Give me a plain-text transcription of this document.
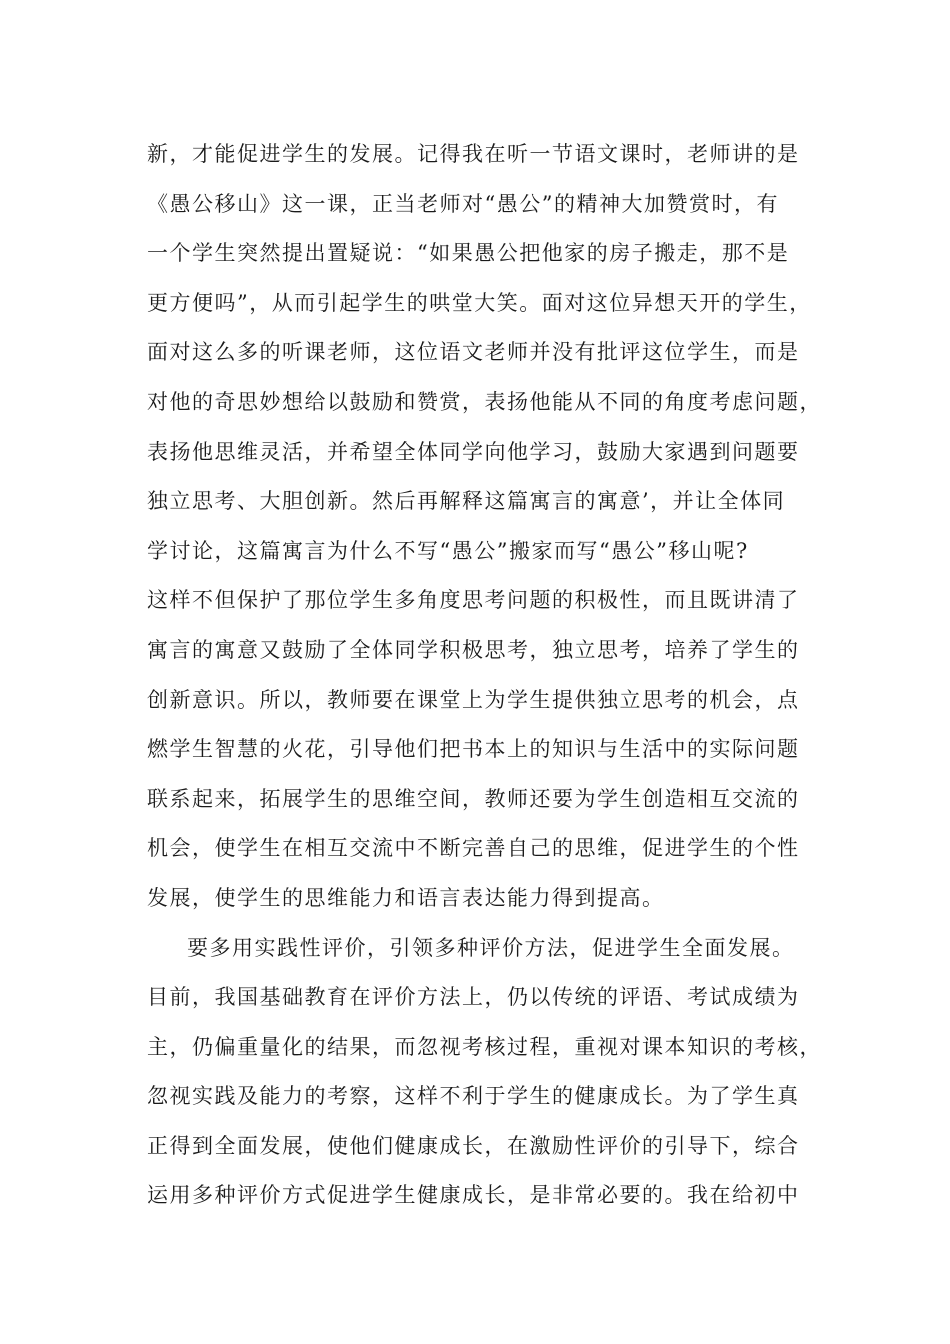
新，才能促进学生的发展。记得我在听一节语文课时，老师讲的是
《愚公移山》这一课，正当老师对“愚公”的精神大加赞赏时，有
一个学生突然提出置疑说：“如果愚公把他家的房子搬走，那不是
更方便吗”，从而引起学生的哄堂大笑。面对这位异想天开的学生，
面对这么多的听课老师，这位语文老师并没有批评这位学生，而是
对他的奇思妙想给以鼓励和赞赏，表扬他能从不同的角度考虑问题，
表扬他思维灵活，并希望全体同学向他学习，鼓励大家遇到问题要
独立思考、大胆创新。然后再解释这篇寓言的寓意’，并让全体同
学讨论，这篇寓言为什么不写“愚公”搬家而写“愚公”移山呢?
这样不但保护了那位学生多角度思考问题的积极性，而且既讲清了
寓言的寓意又鼓励了全体同学积极思考，独立思考，培养了学生的
创新意识。所以，教师要在课堂上为学生提供独立思考的机会，点
燃学生智慧的火花，引导他们把书本上的知识与生活中的实际问题
联系起来，拓展学生的思维空间，教师还要为学生创造相互交流的
机会，使学生在相互交流中不断完善自己的思维，促进学生的个性
发展，使学生的思维能力和语言表达能力得到提高。
要多用实践性评价，引领多种评价方法，促进学生全面发展。
目前，我国基础教育在评价方法上，仍以传统的评语、考试成绩为
主，仍偏重量化的结果，而忽视考核过程，重视对课本知识的考核，
忽视实践及能力的考察，这样不利于学生的健康成长。为了学生真
正得到全面发展，使他们健康成长，在激励性评价的引导下，综合
运用多种评价方式促进学生健康成长，是非常必要的。我在给初中
